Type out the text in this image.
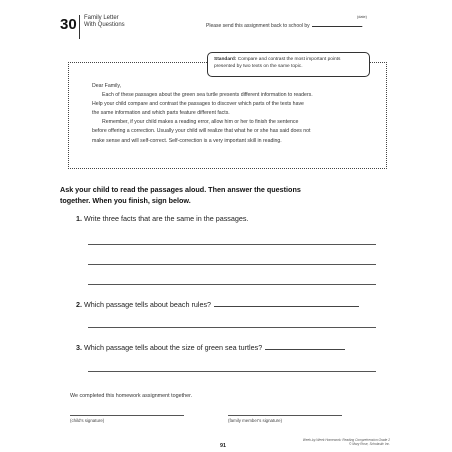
30 Family Letter
With Questions	Please send this assignment back to school by	.
(date)
Standard: Compare and contrast the most important points
presented by two texts on the same topic.

Dear Family,

Each of these passages about the green sea turtle presents different information to readers.

Help your child compare and contrast the passages to discover which parts of the texts have

the same information and which parts feature different facts.

Remember, if your child makes a reading error, allow him or her to finish the sentence

before offering a correction. Usually your child will realize that what he or she has said does not

make sense and will self-correct. Self-correction is a very important skill in reading.

Ask your child to read the passages aloud. Then answer the questions
together. When you finish, sign below.
1. Write three facts that are the same in the passages.
2. Which passage tells about beach rules?
3. Which passage tells about the size of green sea turtles?
We completed this homework assignment together.
(child's signature)	(family member's signature)
91
Week-by-Week Homework: Reading Comprehension Grade 2
© Mary Rose, Scholastic Inc.
